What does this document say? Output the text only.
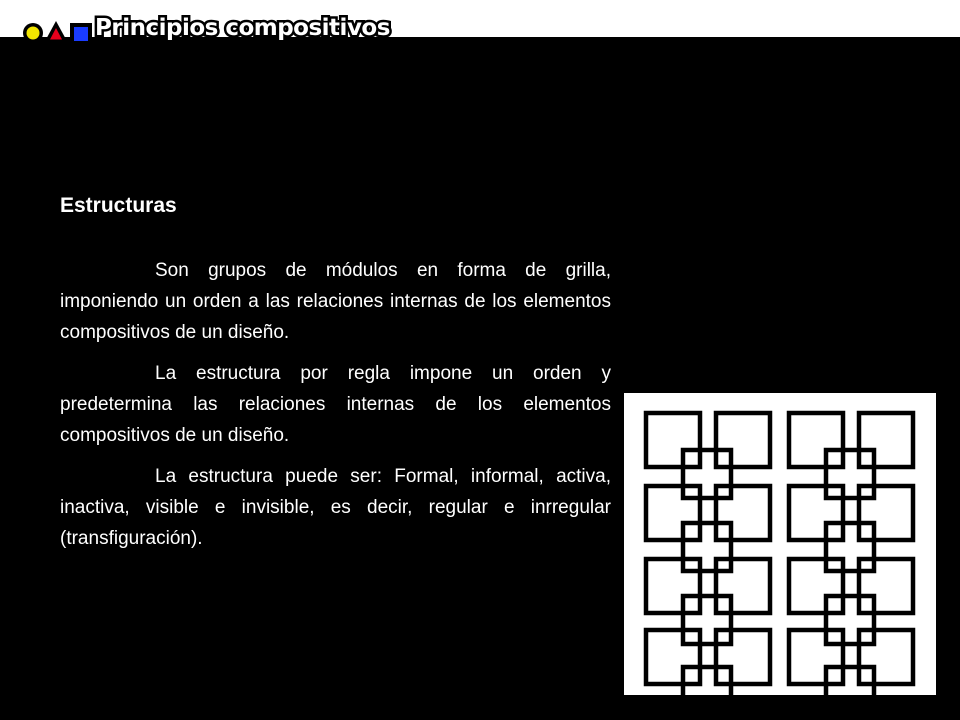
Principios compositivos
Estructuras

Son grupos de módulos en forma de grilla, imponiendo un orden a las relaciones internas de los elementos compositivos de un diseño.

La estructura por regla impone un orden y predetermina las relaciones internas de los elementos compositivos de un diseño.

La estructura puede ser: Formal, informal, activa, inactiva, visible e invisible, es decir, regular e inrregular (transfiguración).
